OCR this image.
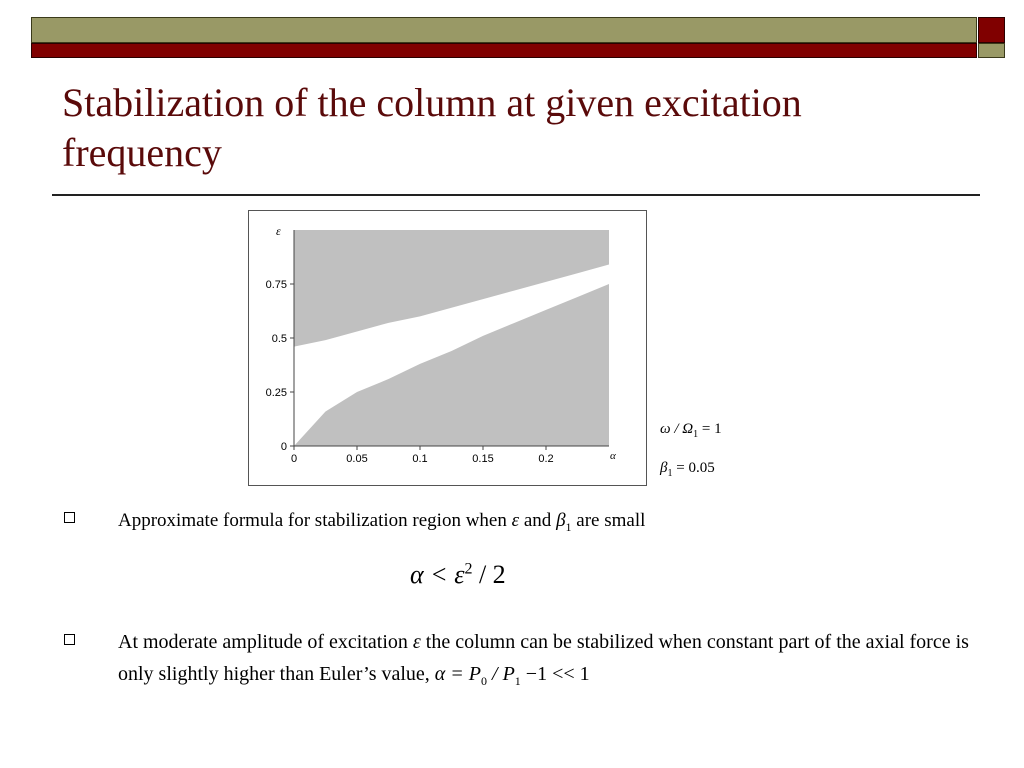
Stabilization of the column at given excitation frequency
0	0.05	0.1	0.15	0.2
0
0.25
0.5
0.75
α
ε
$\omega / \Omega_1 = 1$
$\beta_1 = 0.05$
Approximate formula for stabilization region when ε and $\beta_1$ are small
$\alpha < \varepsilon^2 / 2$
At moderate amplitude of excitation ε the column can be stabilized when constant part of the axial force is only slightly higher than Euler’s value, $\alpha = P_0 / P_1 -1 << 1$
